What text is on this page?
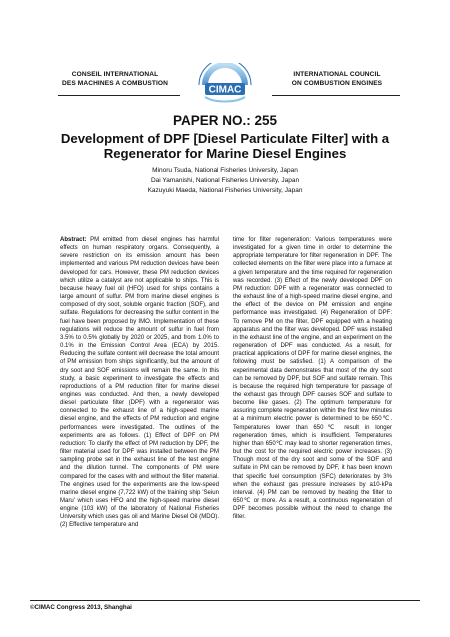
CONSEIL INTERNATIONAL
DES MACHINES A COMBUSTION
CIMAC
INTERNATIONAL COUNCIL
ON COMBUSTION ENGINES
PAPER NO.: 255
Development of DPF [Diesel Particulate Filter] with a Regenerator for Marine Diesel Engines
Minoru Tsuda, National Fisheries University, Japan
Dai Yamanishi, National Fisheries University, Japan
Kazuyuki Maeda, National Fisheries University, Japan

Abstract: PM emitted from diesel engines has harmful effects on human respiratory organs. Consequently, a severe restriction on its emission amount has been implemented and various PM reduction devices have been developed for cars. However, these PM reduction devices which utilize a catalyst are not applicable to ships. This is because heavy fuel oil (HFO) used for ships contains a large amount of sulfur. PM from marine diesel engines is composed of dry soot, soluble organic fraction (SOF), and sulfate. Regulations for decreasing the sulfur content in the fuel have been proposed by IMO. Implementation of these regulations will reduce the amount of sulfur in fuel from 3.5% to 0.5% globally by 2020 or 2025, and from 1.0% to 0.1% in the Emission Control Area (ECA) by 2015. Reducing the sulfate content will decrease the total amount of PM emission from ships significantly, but the amount of dry soot and SOF emissions will remain the same. In this study, a basic experiment to investigate the effects and reproductions of a PM reduction filter for marine diesel engines was conducted. And then, a newly developed diesel particulate filter (DPF) with a regenerator was connected to the exhaust line of a high-speed marine diesel engine, and the effects of PM reduction and engine performances were investigated. The outlines of the experiments are as follows. (1) Effect of DPF on PM reduction: To clarify the effect of PM reduction by DPF, the filter material used for DPF was installed between the PM sampling probe set in the exhaust line of the test engine and the dilution tunnel. The components of PM were compared for the cases with and without the filter material. The engines used for the experiments are the low-speed marine diesel engine (7,722 kW) of the training ship 'Seiun Maru' which uses HFO and the high-speed marine diesel engine (103 kW) of the laboratory of National Fisheries University which uses gas oil and Marine Diesel Oil (MDO). (2) Effective temperature and

time for filter regeneration: Various temperatures were investigated for a given time in order to determine the appropriate temperature for filter regeneration in DPF. The collected elements on the filter were place into a furnace at a given temperature and the time required for regeneration was recorded. (3) Effect of the newly developed DPF on PM reduction: DPF with a regenerator was connected to the exhaust line of a high-speed marine diesel engine, and the effect of the device on PM emission and engine performance was investigated. (4) Regeneration of DPF: To remove PM on the filter, DPF equipped with a heating apparatus and the filter was developed. DPF was installed in the exhaust line of the engine, and an experiment on the regeneration of DPF was conducted. As a result, for practical applications of DPF for marine diesel engines, the following must be satisfied. (1) A comparison of the experimental data demonstrates that most of the dry soot can be removed by DPF, but SOF and sulfate remain. This is because the required high temperature for passage of the exhaust gas through DPF causes SOF and sulfate to become like gases. (2) The optimum temperature for assuring complete regeneration within the first few minutes at a minimum electric power is determined to be 650℃. Temperatures lower than 650℃ result in longer regeneration times, which is insufficient. Temperatures higher than 650℃ may lead to shorter regeneration times, but the cost for the required electric power increases. (3) Though most of the dry soot and some of the SOF and sulfate in PM can be removed by DPF, it has been known that specific fuel consumption (SFC) deteriorates by 3% when the exhaust gas pressure increases by a10-kPa interval. (4) PM can be removed by heating the filter to 650℃ or more. As a result, a continuous regeneration of DPF becomes possible without the need to change the filter.

©CIMAC Congress 2013, Shanghai
